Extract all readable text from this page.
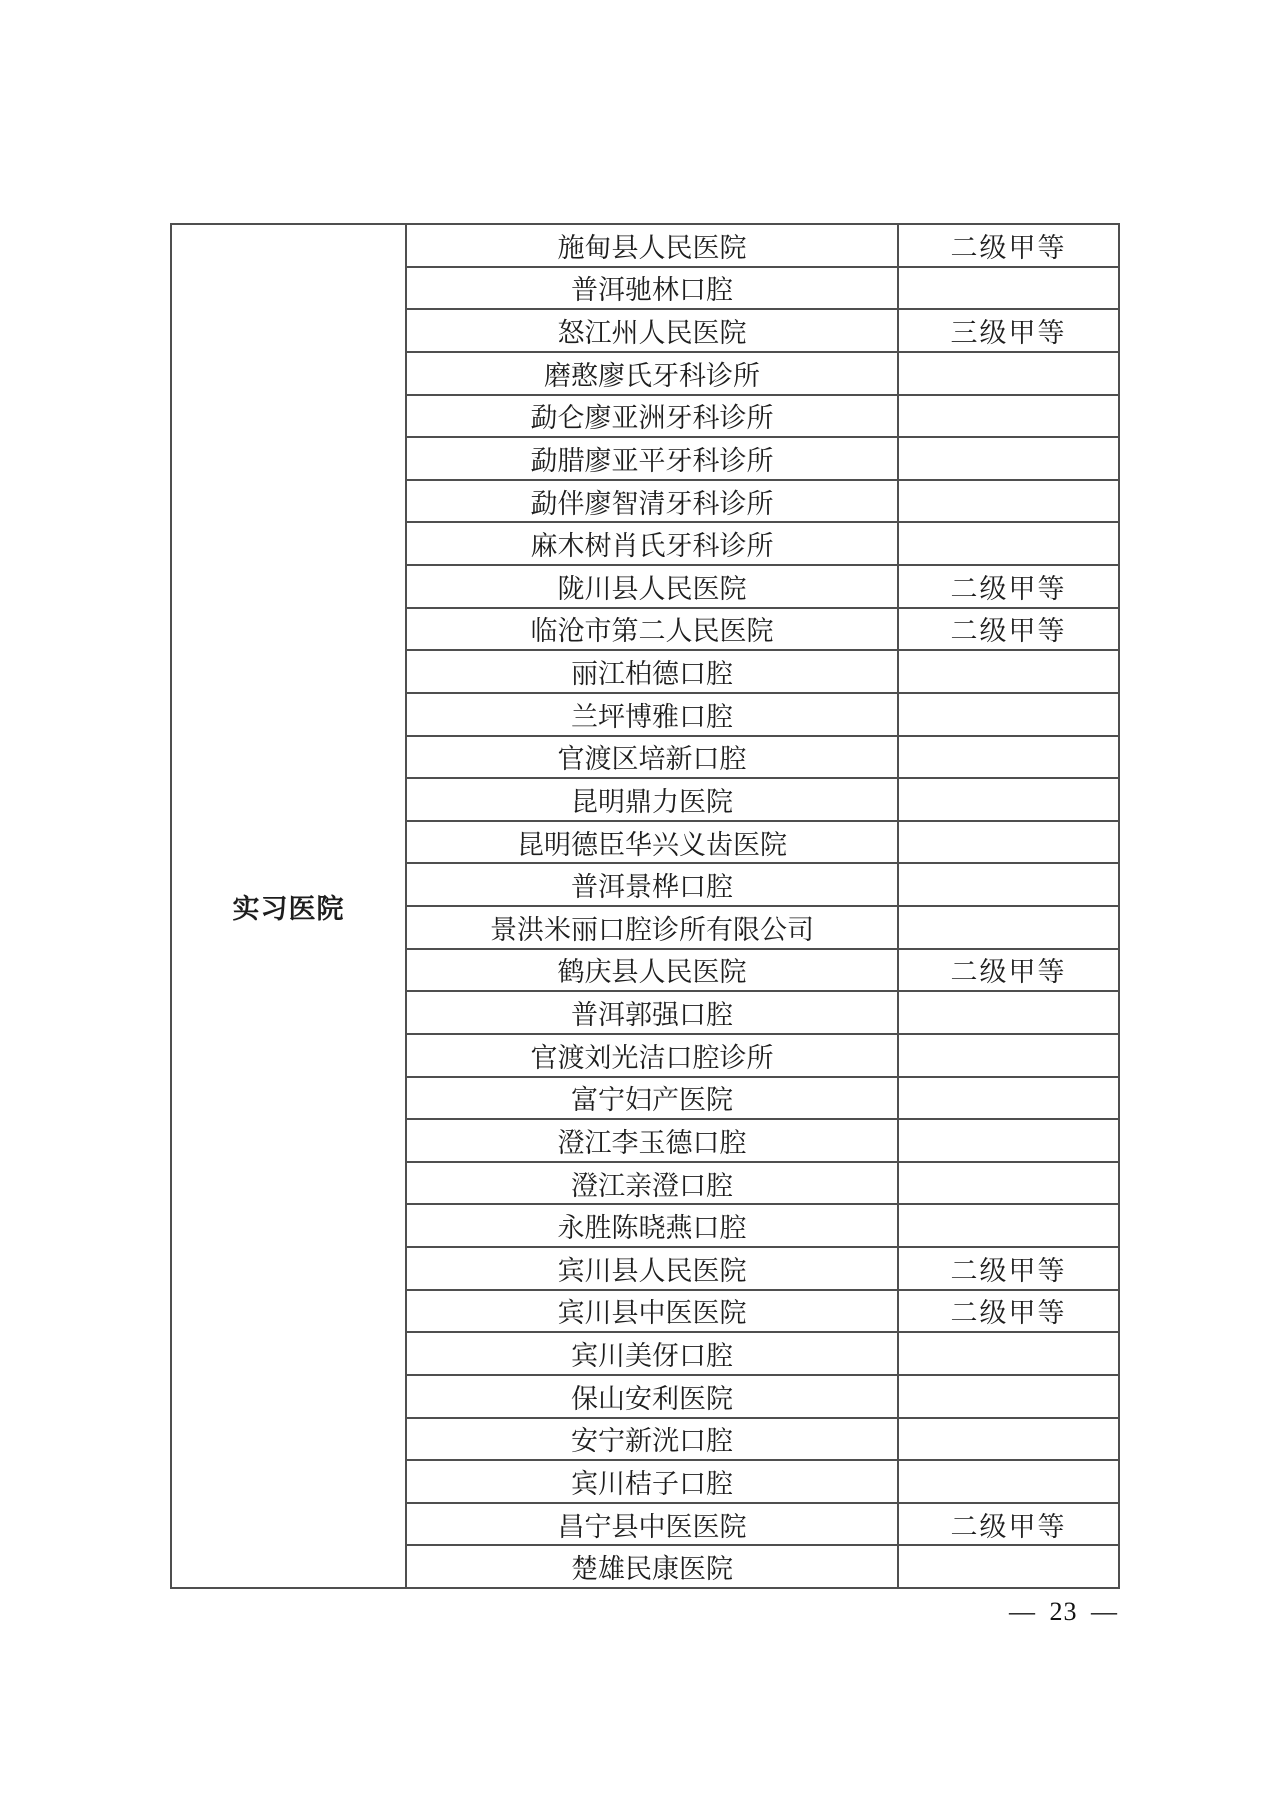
实习医院	施甸县人民医院	二级甲等
	普洱驰林口腔	
	怒江州人民医院	三级甲等
	磨憨廖氏牙科诊所	
	勐仑廖亚洲牙科诊所	
	勐腊廖亚平牙科诊所	
	勐伴廖智清牙科诊所	
	麻木树肖氏牙科诊所	
	陇川县人民医院	二级甲等
	临沧市第二人民医院	二级甲等
	丽江柏德口腔	
	兰坪博雅口腔	
	官渡区培新口腔	
	昆明鼎力医院	
	昆明德臣华兴义齿医院	
	普洱景桦口腔	
	景洪米丽口腔诊所有限公司	
	鹤庆县人民医院	二级甲等
	普洱郭强口腔	
	官渡刘光洁口腔诊所	
	富宁妇产医院	
	澄江李玉德口腔	
	澄江亲澄口腔	
	永胜陈晓燕口腔	
	宾川县人民医院	二级甲等
	宾川县中医医院	二级甲等
	宾川美伢口腔	
	保山安利医院	
	安宁新洸口腔	
	宾川桔子口腔	
	昌宁县中医医院	二级甲等
	楚雄民康医院	
— 23 —
